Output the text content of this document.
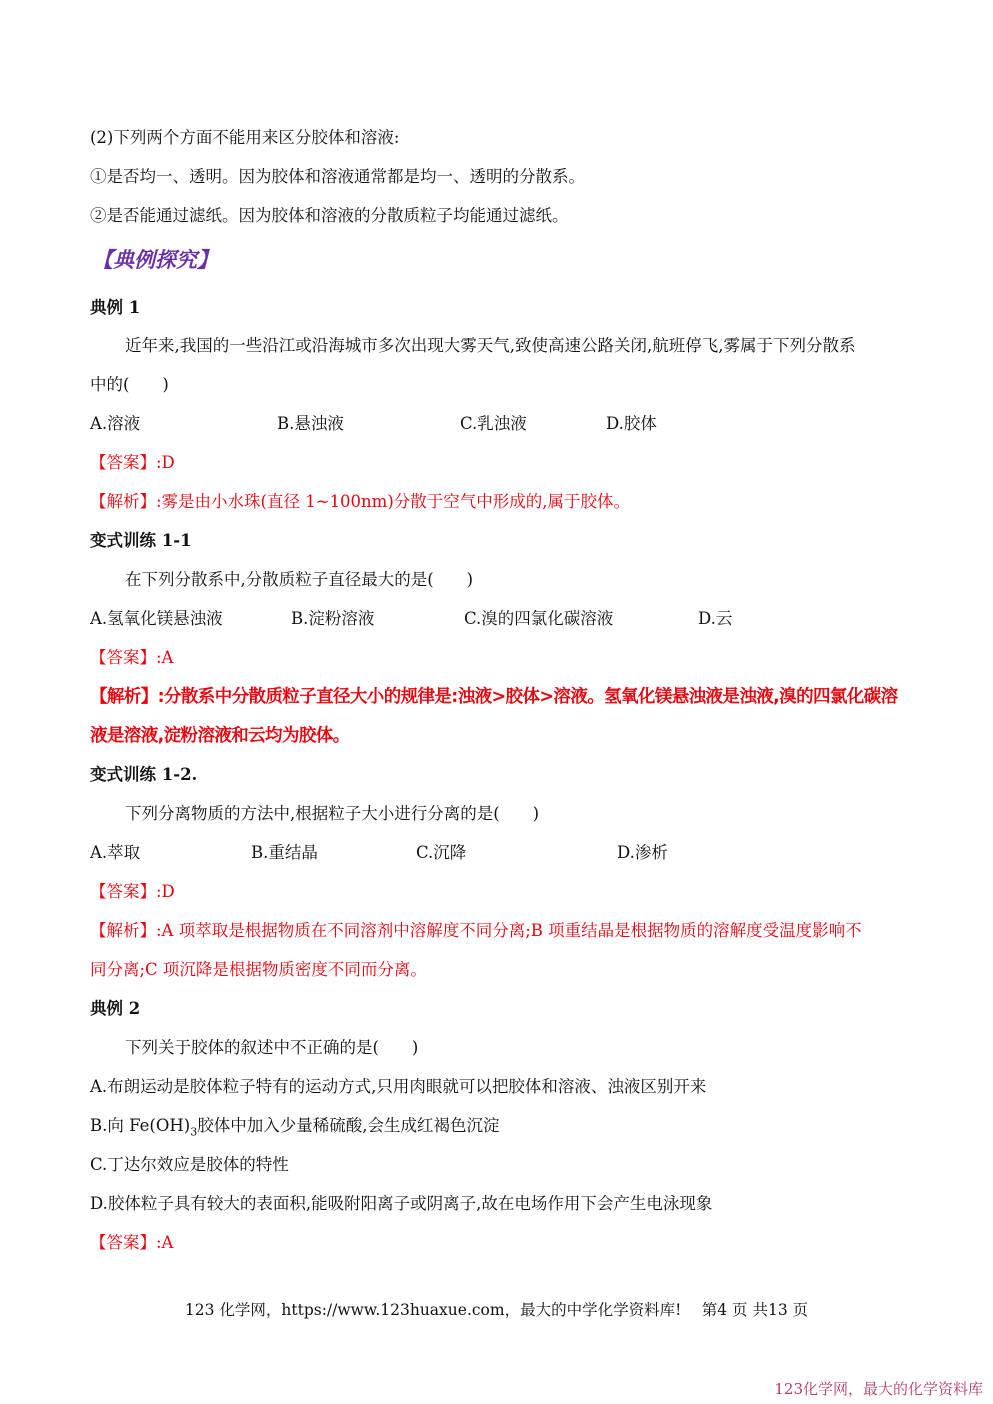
(2)下列两个方面不能用来区分胶体和溶液:
①是否均一、透明。因为胶体和溶液通常都是均一、透明的分散系。
②是否能通过滤纸。因为胶体和溶液的分散质粒子均能通过滤纸。
【典例探究】
典例 1
近年来,我国的一些沿江或沿海城市多次出现大雾天气,致使高速公路关闭,航班停飞,雾属于下列分散系
中的(　　)
A.溶液	B.悬浊液	C.乳浊液	D.胶体
【答案】:D
【解析】:雾是由小水珠(直径 1~100nm)分散于空气中形成的,属于胶体。
变式训练 1-1
在下列分散系中,分散质粒子直径最大的是(　　)
A.氢氧化镁悬浊液	B.淀粉溶液	C.溴的四氯化碳溶液	D.云
【答案】:A
【解析】:分散系中分散质粒子直径大小的规律是:浊液>胶体>溶液。氢氧化镁悬浊液是浊液,溴的四氯化碳溶
液是溶液,淀粉溶液和云均为胶体。
变式训练 1-2.
下列分离物质的方法中,根据粒子大小进行分离的是(　　)
A.萃取	B.重结晶	C.沉降	D.渗析
【答案】:D
【解析】:A 项萃取是根据物质在不同溶剂中溶解度不同分离;B 项重结晶是根据物质的溶解度受温度影响不
同分离;C 项沉降是根据物质密度不同而分离。
典例 2
下列关于胶体的叙述中不正确的是(　　)
A.布朗运动是胶体粒子特有的运动方式,只用肉眼就可以把胶体和溶液、浊液区别开来
B.向 $Fe(OH)_3$胶体中加入少量稀硫酸,会生成红褐色沉淀
C.丁达尔效应是胶体的特性
D.胶体粒子具有较大的表面积,能吸附阳离子或阴离子,故在电场作用下会产生电泳现象
【答案】:A
123 化学网，https://www.123huaxue.com，最大的中学化学资料库!　 第4 页 共13 页
123化学网，最大的化学资料库
